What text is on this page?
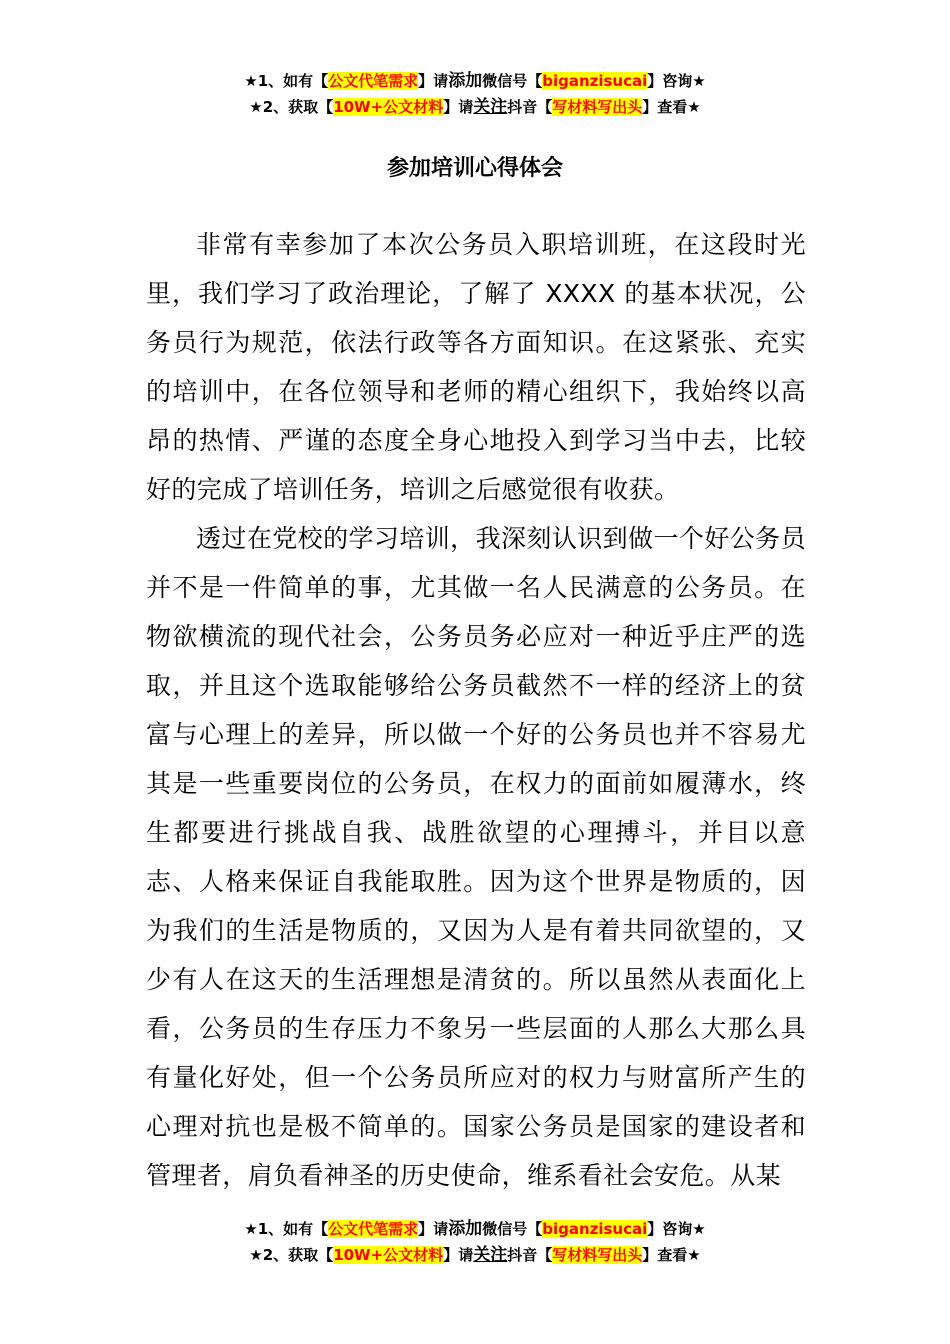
★1、如有【公文代笔需求】请添加微信号【biganzisucai】咨询★
★2、获取【10W+公文材料】请关注抖音【写材料写出头】查看★
参加培训心得体会

非常有幸参加了本次公务员入职培训班，在这段时光里，我们学习了政治理论，了解了 XXXX 的基本状况，公务员行为规范，依法行政等各方面知识。在这紧张、充实的培训中，在各位领导和老师的精心组织下，我始终以高昂的热情、严谨的态度全身心地投入到学习当中去，比较好的完成了培训任务，培训之后感觉很有收获。

透过在党校的学习培训，我深刻认识到做一个好公务员并不是一件简单的事，尤其做一名人民满意的公务员。在物欲横流的现代社会，公务员务必应对一种近乎庄严的选取，并且这个选取能够给公务员截然不一样的经济上的贫富与心理上的差异，所以做一个好的公务员也并不容易尤其是一些重要岗位的公务员，在权力的面前如履薄水，终生都要进行挑战自我、战胜欲望的心理搏斗，并目以意志、人格来保证自我能取胜。因为这个世界是物质的，因为我们的生活是物质的，又因为人是有着共同欲望的，又少有人在这天的生活理想是清贫的。所以虽然从表面化上看，公务员的生存压力不象另一些层面的人那么大那么具有量化好处，但一个公务员所应对的权力与财富所产生的心理对抗也是极不简单的。国家公务员是国家的建设者和管理者，肩负看神圣的历史使命，维系看社会安危。从某

★1、如有【公文代笔需求】请添加微信号【biganzisucai】咨询★
★2、获取【10W+公文材料】请关注抖音【写材料写出头】查看★
